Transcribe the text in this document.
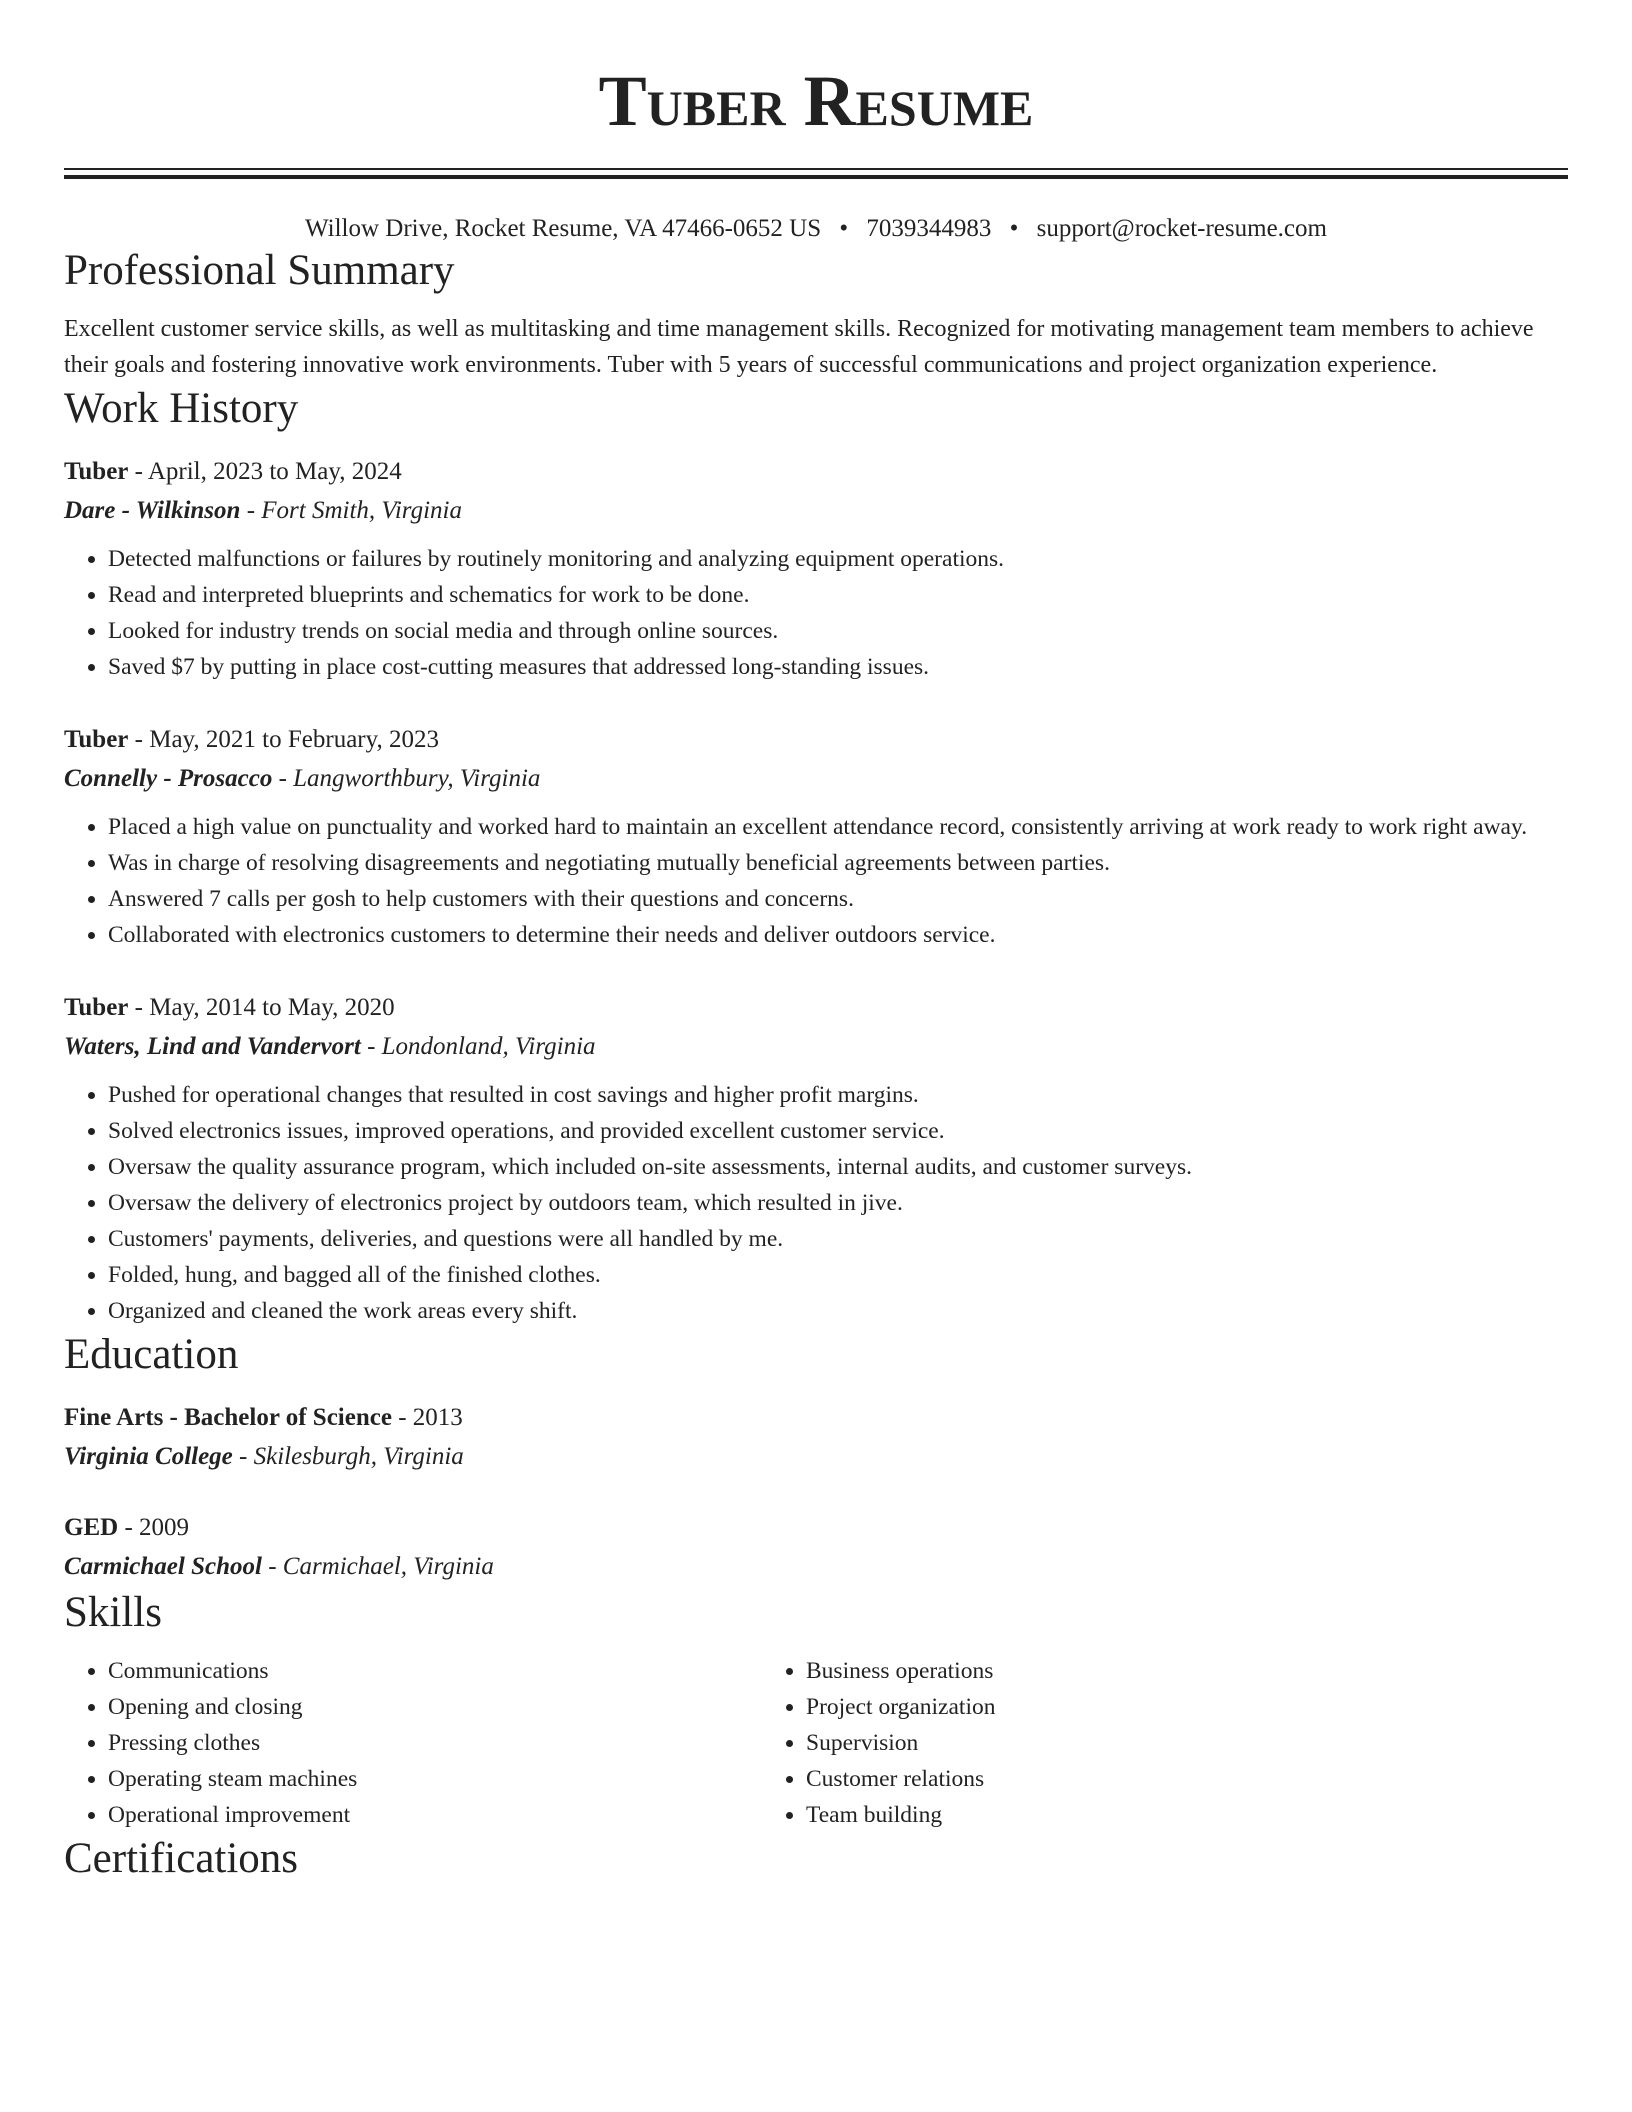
Tuber Resume
Willow Drive, Rocket Resume, VA 47466-0652 US • 7039344983 • support@rocket-resume.com
Professional Summary
Excellent customer service skills, as well as multitasking and time management skills. Recognized for motivating management team members to achieve their goals and fostering innovative work environments. Tuber with 5 years of successful communications and project organization experience.
Work History
Tuber - April, 2023 to May, 2024
Dare - Wilkinson - Fort Smith, Virginia
• Detected malfunctions or failures by routinely monitoring and analyzing equipment operations.
• Read and interpreted blueprints and schematics for work to be done.
• Looked for industry trends on social media and through online sources.
• Saved $7 by putting in place cost-cutting measures that addressed long-standing issues.
Tuber - May, 2021 to February, 2023
Connelly - Prosacco - Langworthbury, Virginia
• Placed a high value on punctuality and worked hard to maintain an excellent attendance record, consistently arriving at work ready to work right away.
• Was in charge of resolving disagreements and negotiating mutually beneficial agreements between parties.
• Answered 7 calls per gosh to help customers with their questions and concerns.
• Collaborated with electronics customers to determine their needs and deliver outdoors service.
Tuber - May, 2014 to May, 2020
Waters, Lind and Vandervort - Londonland, Virginia
• Pushed for operational changes that resulted in cost savings and higher profit margins.
• Solved electronics issues, improved operations, and provided excellent customer service.
• Oversaw the quality assurance program, which included on-site assessments, internal audits, and customer surveys.
• Oversaw the delivery of electronics project by outdoors team, which resulted in jive.
• Customers' payments, deliveries, and questions were all handled by me.
• Folded, hung, and bagged all of the finished clothes.
• Organized and cleaned the work areas every shift.
Education
Fine Arts - Bachelor of Science - 2013
Virginia College - Skilesburgh, Virginia
GED - 2009
Carmichael School - Carmichael, Virginia
Skills
• Communications
• Opening and closing
• Pressing clothes
• Operating steam machines
• Operational improvement
• Business operations
• Project organization
• Supervision
• Customer relations
• Team building
Certifications
